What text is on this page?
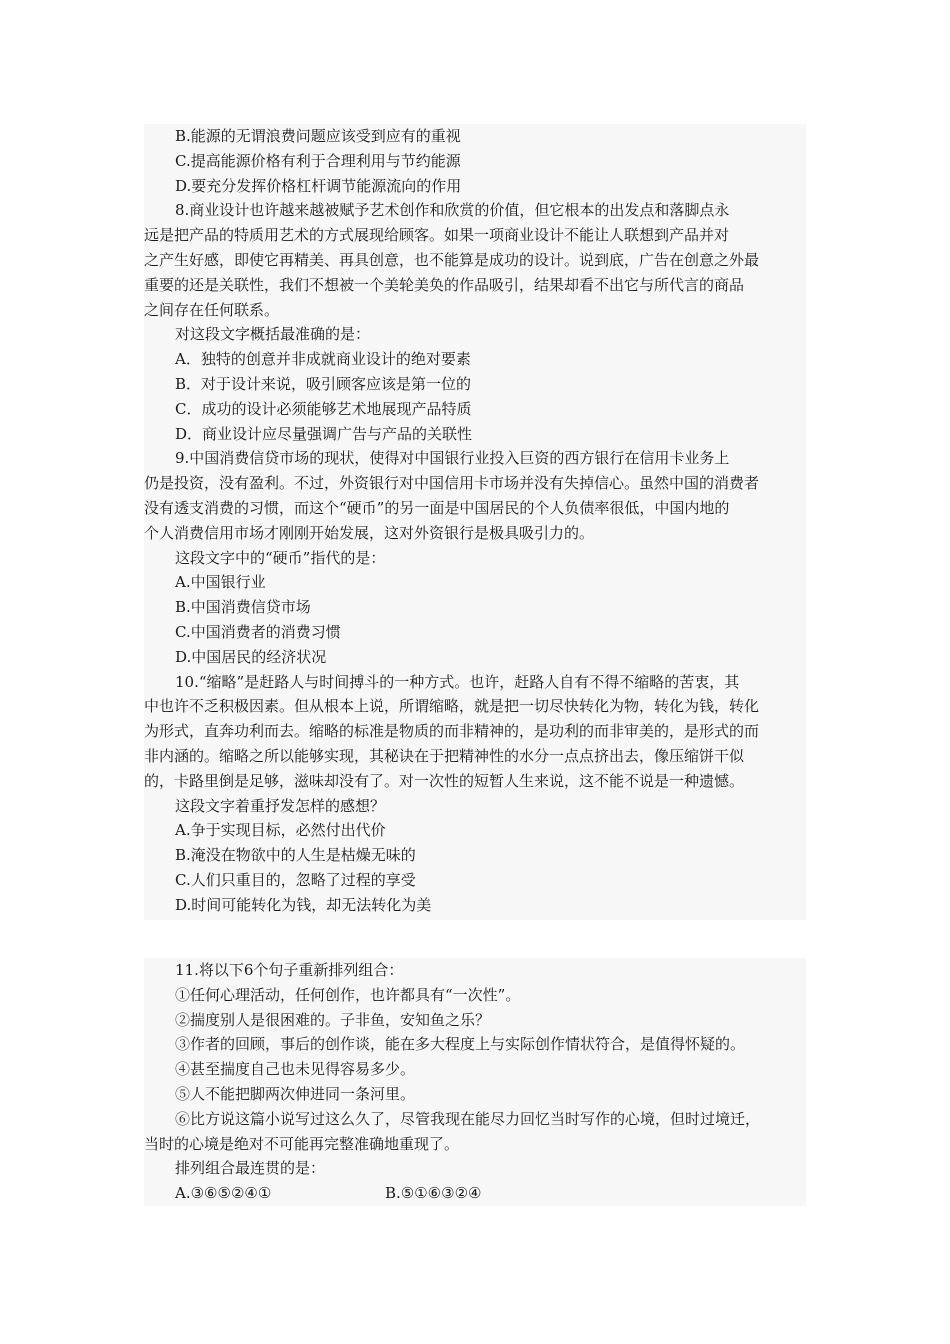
B.能源的无谓浪费问题应该受到应有的重视
C.提高能源价格有利于合理利用与节约能源
D.要充分发挥价格杠杆调节能源流向的作用
8.商业设计也许越来越被赋予艺术创作和欣赏的价值，但它根本的出发点和落脚点永
远是把产品的特质用艺术的方式展现给顾客。如果一项商业设计不能让人联想到产品并对
之产生好感，即使它再精美、再具创意，也不能算是成功的设计。说到底，广告在创意之外最
重要的还是关联性，我们不想被一个美轮美奂的作品吸引，结果却看不出它与所代言的商品
之间存在任何联系。
对这段文字概括最准确的是：
A．独特的创意并非成就商业设计的绝对要素
B．对于设计来说，吸引顾客应该是第一位的
C．成功的设计必须能够艺术地展现产品特质
D．商业设计应尽量强调广告与产品的关联性
9.中国消费信贷市场的现状，使得对中国银行业投入巨资的西方银行在信用卡业务上
仍是投资，没有盈利。不过，外资银行对中国信用卡市场并没有失掉信心。虽然中国的消费者
没有透支消费的习惯，而这个“硬币”的另一面是中国居民的个人负债率很低，中国内地的
个人消费信用市场才刚刚开始发展，这对外资银行是极具吸引力的。
这段文字中的“硬币”指代的是：
A.中国银行业
B.中国消费信贷市场
C.中国消费者的消费习惯
D.中国居民的经济状况
10.“缩略”是赶路人与时间搏斗的一种方式。也许，赶路人自有不得不缩略的苦衷，其
中也许不乏积极因素。但从根本上说，所谓缩略，就是把一切尽快转化为物，转化为钱，转化
为形式，直奔功利而去。缩略的标准是物质的而非精神的，是功利的而非审美的，是形式的而
非内涵的。缩略之所以能够实现，其秘诀在于把精神性的水分一点点挤出去，像压缩饼干似
的，卡路里倒是足够，滋味却没有了。对一次性的短暂人生来说，这不能不说是一种遗憾。
这段文字着重抒发怎样的感想？
A.争于实现目标，必然付出代价
B.淹没在物欲中的人生是枯燥无味的
C.人们只重目的，忽略了过程的享受
D.时间可能转化为钱，却无法转化为美
A.③⑥⑤②④①	B.⑤①⑥③②④
11.将以下6个句子重新排列组合：
①任何心理活动，任何创作，也许都具有“一次性”。
②揣度别人是很困难的。子非鱼，安知鱼之乐？
③作者的回顾，事后的创作谈，能在多大程度上与实际创作情状符合，是值得怀疑的。
④甚至揣度自己也未见得容易多少。
⑤人不能把脚两次伸进同一条河里。
⑥比方说这篇小说写过这么久了，尽管我现在能尽力回忆当时写作的心境，但时过境迁，
当时的心境是绝对不可能再完整准确地重现了。
排列组合最连贯的是：
